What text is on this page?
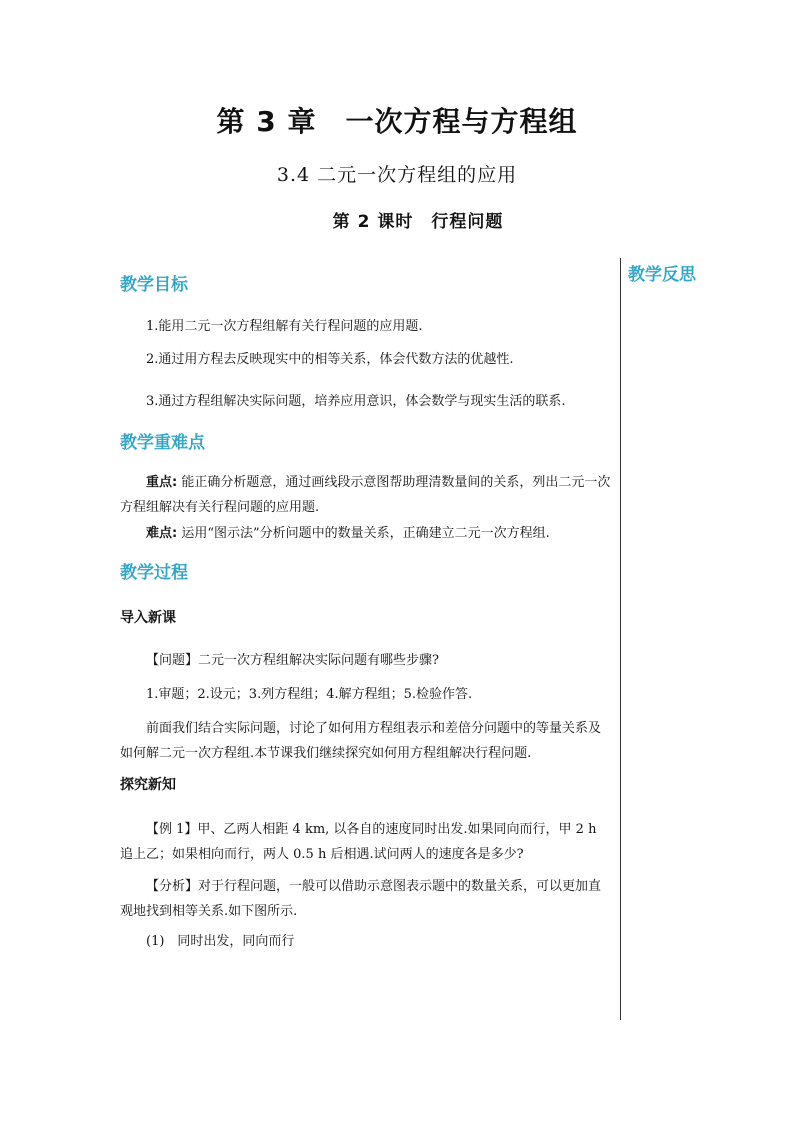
第 3 章　一次方程与方程组
3.4 二元一次方程组的应用
第 2 课时　行程问题
教学反思
教学目标
1.能用二元一次方程组解有关行程问题的应用题.
2.通过用方程去反映现实中的相等关系，体会代数方法的优越性.
3.通过方程组解决实际问题，培养应用意识，体会数学与现实生活的联系.
教学重难点
重点: 能正确分析题意，通过画线段示意图帮助理清数量间的关系，列出二元一次方程组解决有关行程问题的应用题.
难点: 运用“图示法”分析问题中的数量关系，正确建立二元一次方程组.
教学过程
导入新课
【问题】二元一次方程组解决实际问题有哪些步骤?
1.审题；2.设元；3.列方程组；4.解方程组；5.检验作答.
前面我们结合实际问题，讨论了如何用方程组表示和差倍分问题中的等量关系及如何解二元一次方程组.本节课我们继续探究如何用方程组解决行程问题.
探究新知
【例 1】甲、乙两人相距 4 km, 以各自的速度同时出发.如果同向而行，甲 2 h 追上乙；如果相向而行，两人 0.5 h 后相遇.试问两人的速度各是多少?
【分析】对于行程问题，一般可以借助示意图表示题中的数量关系，可以更加直观地找到相等关系.如下图所示.
(1)　同时出发，同向而行
